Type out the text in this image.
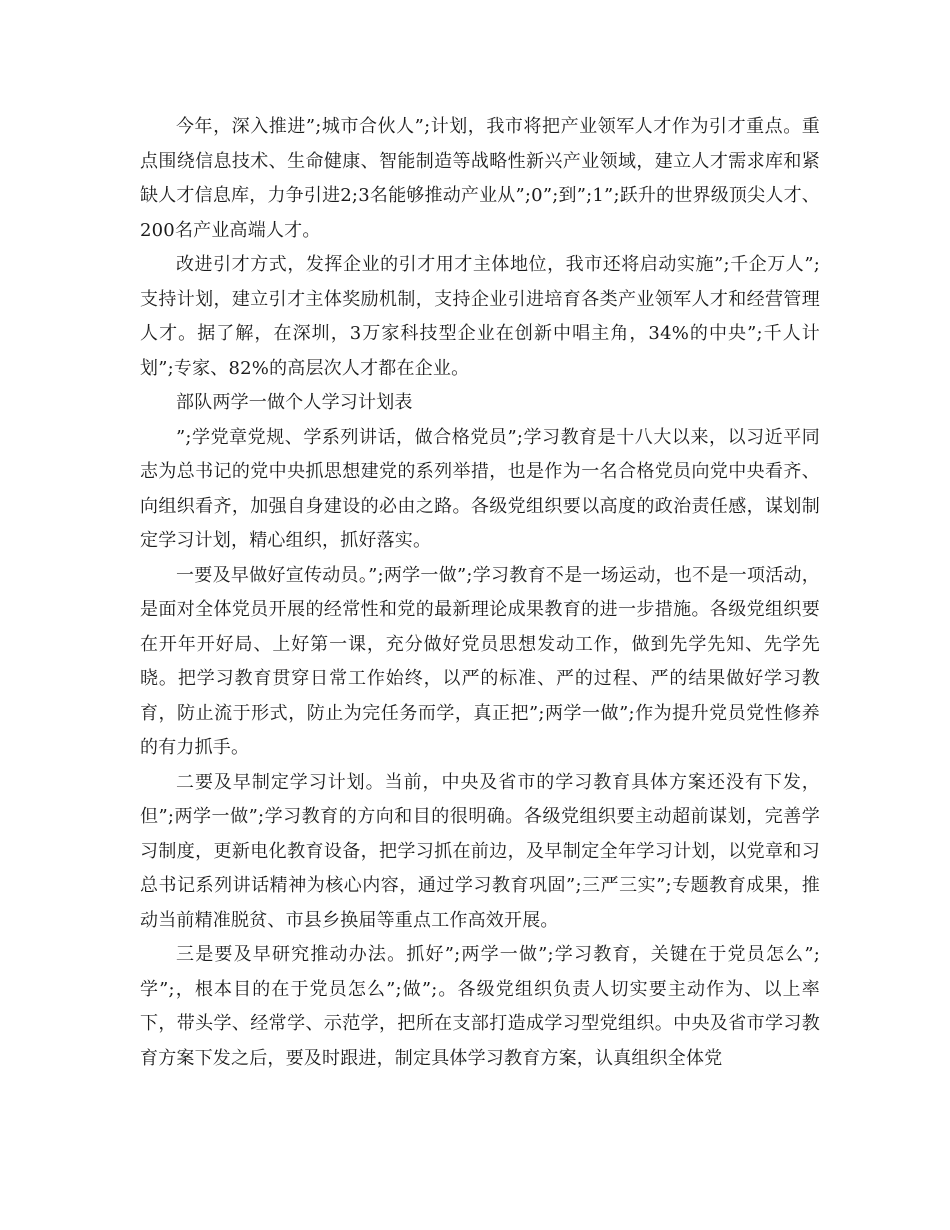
今年，深入推进”;城市合伙人”;计划，我市将把产业领军人才作为引才重点。重点围绕信息技术、生命健康、智能制造等战略性新兴产业领域，建立人才需求库和紧缺人才信息库，力争引进2;3名能够推动产业从”;0”;到”;1”;跃升的世界级顶尖人才、200名产业高端人才。

改进引才方式，发挥企业的引才用才主体地位，我市还将启动实施”;千企万人”;支持计划，建立引才主体奖励机制，支持企业引进培育各类产业领军人才和经营管理人才。据了解，在深圳，3万家科技型企业在创新中唱主角，34%的中央”;千人计划”;专家、82%的高层次人才都在企业。

部队两学一做个人学习计划表

”;学党章党规、学系列讲话，做合格党员”;学习教育是十八大以来，以习近平同志为总书记的党中央抓思想建党的系列举措，也是作为一名合格党员向党中央看齐、向组织看齐，加强自身建设的必由之路。各级党组织要以高度的政治责任感，谋划制定学习计划，精心组织，抓好落实。

一要及早做好宣传动员。”;两学一做”;学习教育不是一场运动，也不是一项活动，是面对全体党员开展的经常性和党的最新理论成果教育的进一步措施。各级党组织要在开年开好局、上好第一课，充分做好党员思想发动工作，做到先学先知、先学先晓。把学习教育贯穿日常工作始终，以严的标准、严的过程、严的结果做好学习教育，防止流于形式，防止为完任务而学，真正把”;两学一做”;作为提升党员党性修养的有力抓手。

二要及早制定学习计划。当前，中央及省市的学习教育具体方案还没有下发，但”;两学一做”;学习教育的方向和目的很明确。各级党组织要主动超前谋划，完善学习制度，更新电化教育设备，把学习抓在前边，及早制定全年学习计划，以党章和习总书记系列讲话精神为核心内容，通过学习教育巩固”;三严三实”;专题教育成果，推动当前精准脱贫、市县乡换届等重点工作高效开展。

三是要及早研究推动办法。抓好”;两学一做”;学习教育，关键在于党员怎么”;学”;，根本目的在于党员怎么”;做”;。各级党组织负责人切实要主动作为、以上率下，带头学、经常学、示范学，把所在支部打造成学习型党组织。中央及省市学习教育方案下发之后，要及时跟进，制定具体学习教育方案，认真组织全体党
